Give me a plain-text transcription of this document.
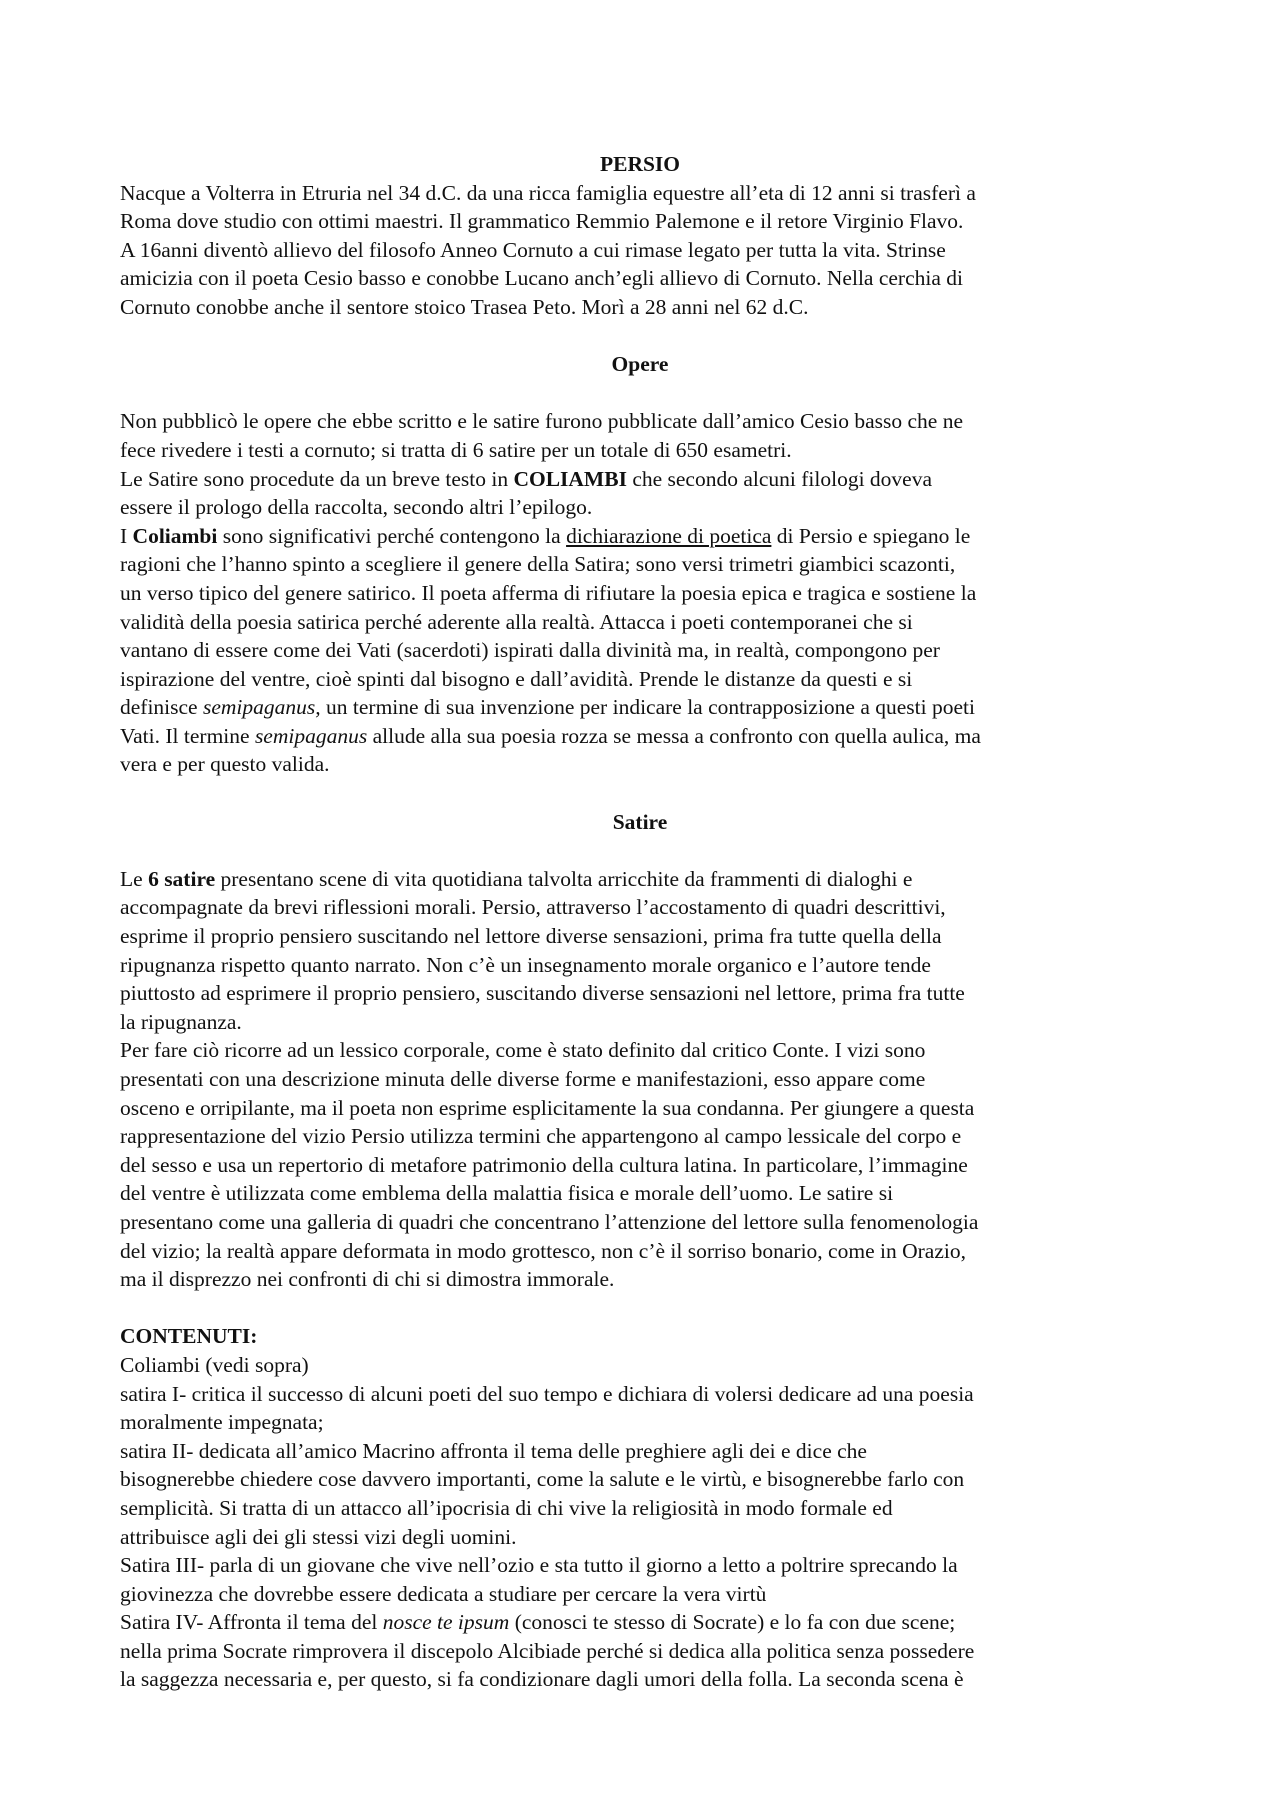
PERSIO

Nacque a Volterra in Etruria nel 34 d.C. da una ricca famiglia equestre all’eta di 12 anni si trasferì a

Roma dove studio con ottimi maestri. Il grammatico Remmio Palemone e il retore Virginio Flavo.

A 16anni diventò allievo del filosofo Anneo Cornuto a cui rimase legato per tutta la vita. Strinse

amicizia con il poeta Cesio basso e conobbe Lucano anch’egli allievo di Cornuto. Nella cerchia di

Cornuto conobbe anche il sentore stoico Trasea Peto. Morì a 28 anni nel 62 d.C.

Opere

Non pubblicò le opere che ebbe scritto e le satire furono pubblicate dall’amico Cesio basso che ne

fece rivedere i testi a cornuto; si tratta di 6 satire per un totale di 650 esametri.

Le Satire sono procedute da un breve testo in COLIAMBI che secondo alcuni filologi doveva

essere il prologo della raccolta, secondo altri l’epilogo.

I Coliambi sono significativi perché contengono la dichiarazione di poetica di Persio e spiegano le

ragioni che l’hanno spinto a scegliere il genere della Satira; sono versi trimetri giambici scazonti,

un verso tipico del genere satirico. Il poeta afferma di rifiutare la poesia epica e tragica e sostiene la

validità della poesia satirica perché aderente alla realtà. Attacca i poeti contemporanei che si

vantano di essere come dei Vati (sacerdoti) ispirati dalla divinità ma, in realtà, compongono per

ispirazione del ventre, cioè spinti dal bisogno e dall’avidità. Prende le distanze da questi e si

definisce semipaganus, un termine di sua invenzione per indicare la contrapposizione a questi poeti

Vati. Il termine semipaganus allude alla sua poesia rozza se messa a confronto con quella aulica, ma

vera e per questo valida.

Satire

Le 6 satire presentano scene di vita quotidiana talvolta arricchite da frammenti di dialoghi e

accompagnate da brevi riflessioni morali. Persio, attraverso l’accostamento di quadri descrittivi,

esprime il proprio pensiero suscitando nel lettore diverse sensazioni, prima fra tutte quella della

ripugnanza rispetto quanto narrato. Non c’è un insegnamento morale organico e l’autore tende

piuttosto ad esprimere il proprio pensiero, suscitando diverse sensazioni nel lettore, prima fra tutte

la ripugnanza.

Per fare ciò ricorre ad un lessico corporale, come è stato definito dal critico Conte. I vizi sono

presentati con una descrizione minuta delle diverse forme e manifestazioni, esso appare come

osceno e orripilante, ma il poeta non esprime esplicitamente la sua condanna. Per giungere a questa

rappresentazione del vizio Persio utilizza termini che appartengono al campo lessicale del corpo e

del sesso e usa un repertorio di metafore patrimonio della cultura latina. In particolare, l’immagine

del ventre è utilizzata come emblema della malattia fisica e morale dell’uomo. Le satire si

presentano come una galleria di quadri che concentrano l’attenzione del lettore sulla fenomenologia

del vizio; la realtà appare deformata in modo grottesco, non c’è il sorriso bonario, come in Orazio,

ma il disprezzo nei confronti di chi si dimostra immorale.

CONTENUTI:

Coliambi (vedi sopra)

satira I- critica il successo di alcuni poeti del suo tempo e dichiara di volersi dedicare ad una poesia

moralmente impegnata;

satira II- dedicata all’amico Macrino affronta il tema delle preghiere agli dei e dice che

bisognerebbe chiedere cose davvero importanti, come la salute e le virtù, e bisognerebbe farlo con

semplicità. Si tratta di un attacco all’ipocrisia di chi vive la religiosità in modo formale ed

attribuisce agli dei gli stessi vizi degli uomini.

Satira III- parla di un giovane che vive nell’ozio e sta tutto il giorno a letto a poltrire sprecando la

giovinezza che dovrebbe essere dedicata a studiare per cercare la vera virtù

Satira IV- Affronta il tema del nosce te ipsum (conosci te stesso di Socrate) e lo fa con due scene;

nella prima Socrate rimprovera il discepolo Alcibiade perché si dedica alla politica senza possedere

la saggezza necessaria e, per questo, si fa condizionare dagli umori della folla. La seconda scena è
